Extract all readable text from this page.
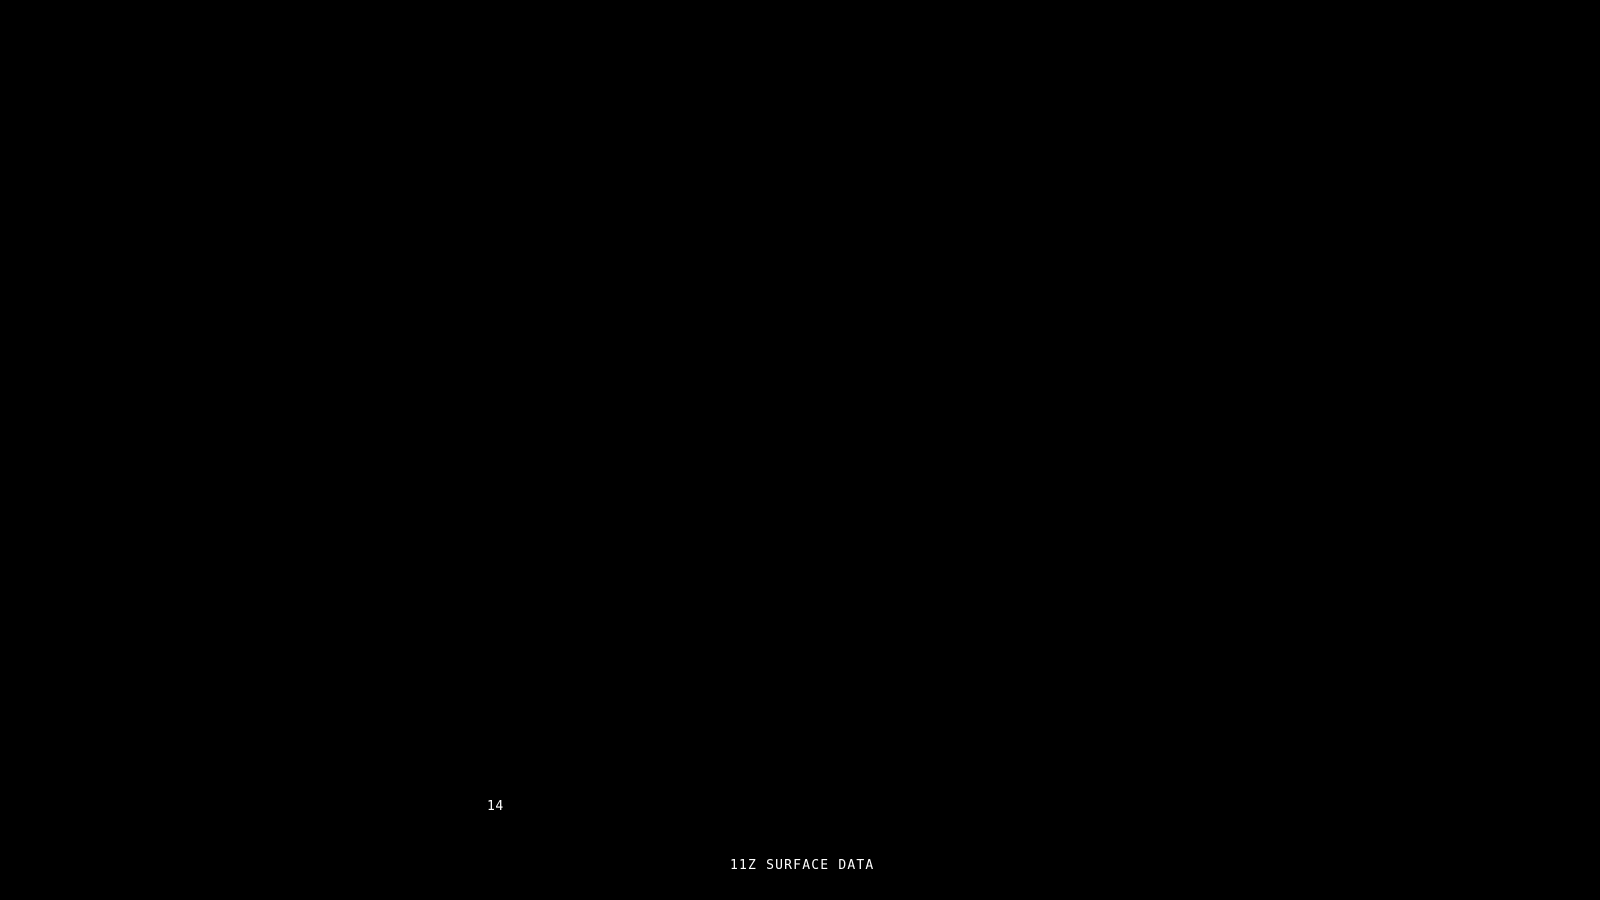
14
11Z SURFACE DATA
